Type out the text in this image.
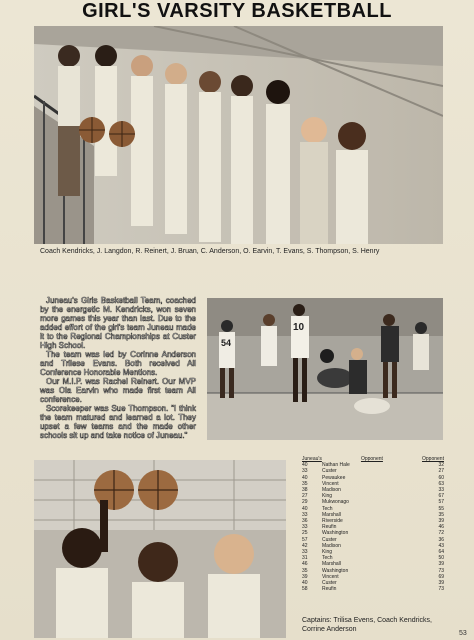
GIRL'S VARSITY BASKETBALL
Coach Kendricks, J. Langdon, R. Reinert, J. Bruan, C. Anderson, O. Earvin, T. Evans, S. Thompson, S. Henry

Juneau's Girls Basketball Team, coached by the energetic M. Kendricks, won seven more games this year than last. Due to the added effort of the girl's team Juneau made it to the Regional Championships at Custer High School.

The team was led by Corinne Anderson and Trilese Evans. Both received All Conference Honorable Mentions.

Our M.I.P. was Rachel Reinert. Our MVP was Ola Earvin who made first team All conference.

Scorekeeper was Sue Thompson. "I think the team matured and learned a lot. They upset a few teams and the made other schools sit up and take notice of Juneau."

54
10
Juneau's	Opponent	Opponent
40	Nathan Hale	32
33	Custer	27
40	Pewaukee	60
35	Vincent	63
38	Madison	33
27	King	67
29	Mukwonago	57
40	Tech	55
33	Marshall	35
36	Riverside	39
33	Reufin	46
25	Washington	72
57	Custer	36
42	Madison	43
33	King	64
31	Tech	50
46	Marshall	39
35	Washington	73
39	Vincent	69
40	Custer	39
58	Reufin	73
Captains: Trilisa Evens, Coach Kendricks, Corrine Anderson
53
